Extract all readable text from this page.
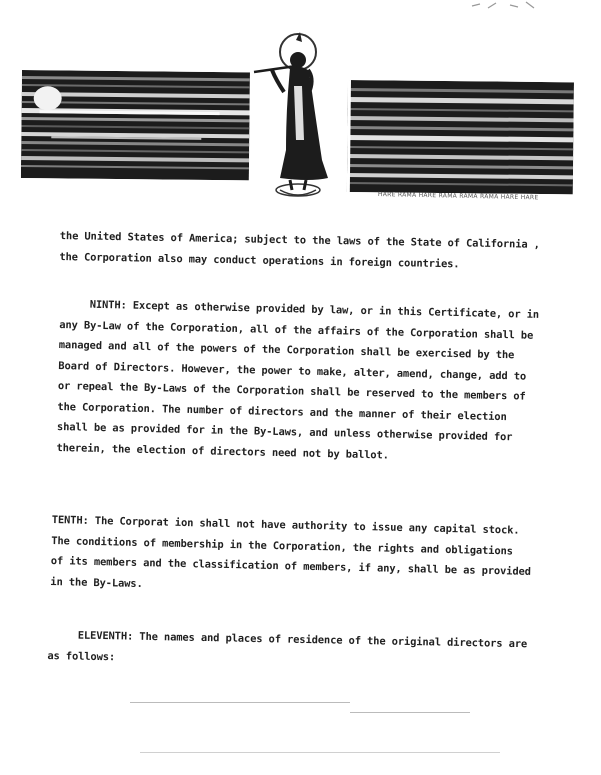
HARE RAMA HARE RAMA RAMA RAMA HARE HARE
the United States of America; subject to the laws of the State of California ,
the Corporation also may conduct operations in foreign countries.
NINTH: Except as otherwise provided by law, or in this Certificate, or in
any By-Law of the Corporation, all of the affairs of the Corporation shall be
managed and all of the powers of the Corporation shall be exercised by the
Board of Directors. However, the power to make, alter, amend, change, add to
or repeal the By-Laws of the Corporation shall be reserved to the members of
the Corporation. The number of directors and the manner of their election
shall be as provided for in the By-Laws, and unless otherwise provided for
therein, the election of directors need not by ballot.
TENTH: The Corporat ion shall not have authority to issue any capital stock.
The conditions of membership in the Corporation, the rights and obligations
of its members and the classification of members, if any, shall be as provided
in the By-Laws.
ELEVENTH: The names and places of residence of the original directors are
as follows:
